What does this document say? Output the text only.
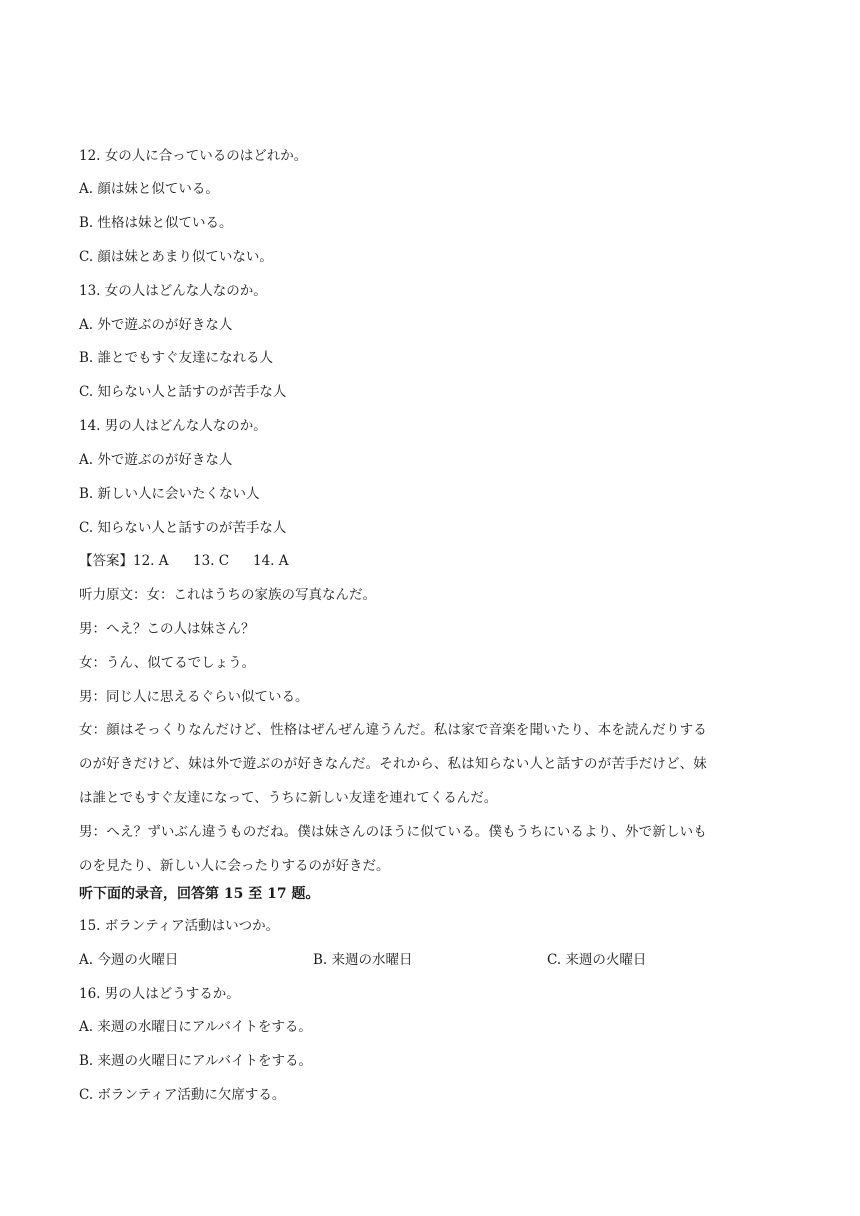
12. 女の人に合っているのはどれか。
A. 顔は妹と似ている。
B. 性格は妹と似ている。
C. 顔は妹とあまり似ていない。
13. 女の人はどんな人なのか。
A. 外で遊ぶのが好きな人
B. 誰とでもすぐ友達になれる人
C. 知らない人と話すのが苦手な人
14. 男の人はどんな人なのか。
A. 外で遊ぶのが好きな人
B. 新しい人に会いたくない人
C. 知らない人と話すのが苦手な人
【答案】12. A 13. C 14. A
听力原文：女：これはうちの家族の写真なんだ。
男：へえ？この人は妹さん？
女：うん、似てるでしょう。
男：同じ人に思えるぐらい似ている。
女：顔はそっくりなんだけど、性格はぜんぜん違うんだ。私は家で音楽を聞いたり、本を読んだりする
のが好きだけど、妹は外で遊ぶのが好きなんだ。それから、私は知らない人と話すのが苦手だけど、妹
は誰とでもすぐ友達になって、うちに新しい友達を連れてくるんだ。
男：へえ？ずいぶん違うものだね。僕は妹さんのほうに似ている。僕もうちにいるより、外で新しいも
のを見たり、新しい人に会ったりするのが好きだ。
听下面的录音，回答第 15 至 17 题。
15. ボランティア活動はいつか。
A. 今週の火曜日	B. 来週の水曜日	C. 来週の火曜日
16. 男の人はどうするか。
A. 来週の水曜日にアルバイトをする。
B. 来週の火曜日にアルバイトをする。
C. ボランティア活動に欠席する。
